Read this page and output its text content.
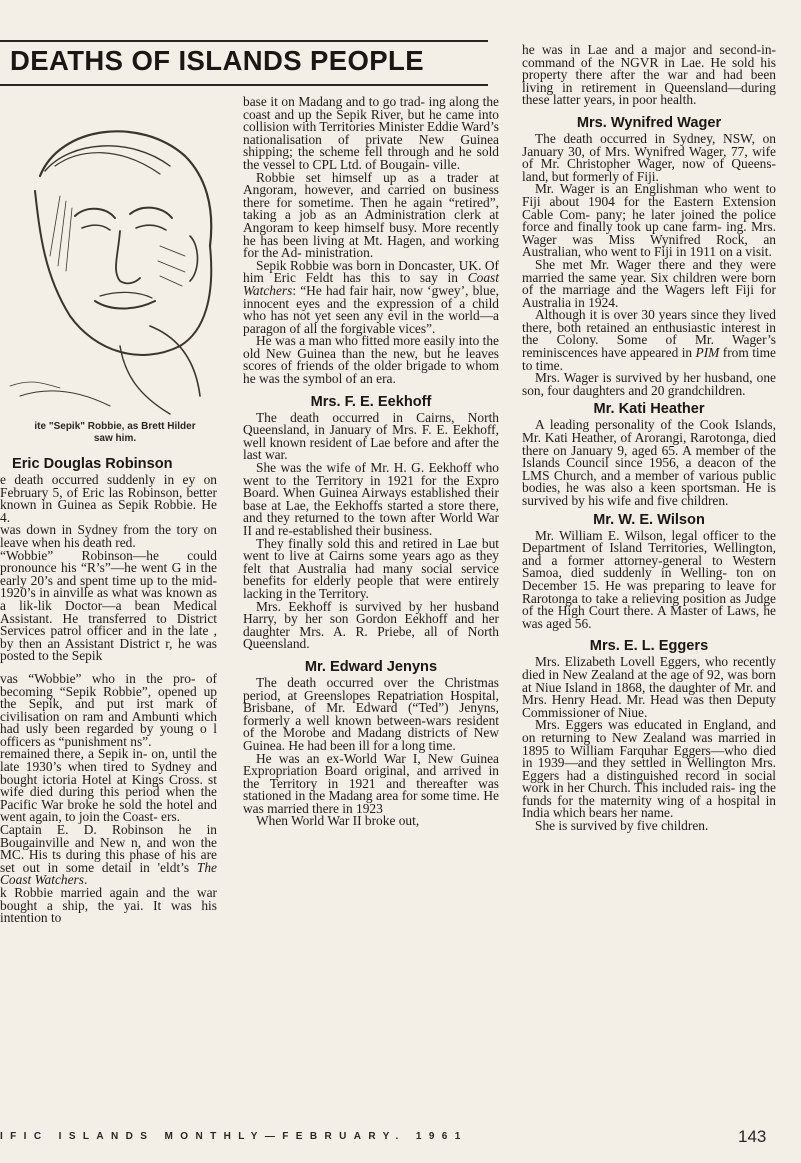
DEATHS OF ISLANDS PEOPLE
ite "Sepik" Robbie, as Brett Hilder
saw him.
Eric Douglas Robinson

e death occurred suddenly in ey on February 5, of Eric las Robinson, better known in Guinea as Sepik Robbie. He 4.

was down in Sydney from the tory on leave when his death red.

“Wobbie” Robinson—he could pronounce his “R’s”—he went G in the early 20’s and spent time up to the mid-1920’s in ainville as what was known as a lik-lik Doctor—a bean Medical Assistant. He transferred to District Services patrol officer and in the late , by then an Assistant District r, he was posted to the Sepik

vas “Wobbie” who in the pro- of becoming “Sepik Robbie”, opened up the Sepik, and put irst mark of civilisation on ram and Ambunti which had usly been regarded by young o l officers as “punishment ns”.

remained there, a Sepik in- on, until the late 1930’s when tired to Sydney and bought ictoria Hotel at Kings Cross. st wife died during this period when the Pacific War broke he sold the hotel and went again, to join the Coast- ers.

Captain E. D. Robinson he in Bougainville and New n, and won the MC. His ts during this phase of his are set out in some detail in 'eldt’s The Coast Watchers.

k Robbie married again and the war bought a ship, the yai. It was his intention to

base it on Madang and to go trad- ing along the coast and up the Sepik River, but he came into collision with Territories Minister Eddie Ward’s nationalisation of private New Guinea shipping; the scheme fell through and he sold the vessel to CPL Ltd. of Bougain- ville.

Robbie set himself up as a trader at Angoram, however, and carried on business there for sometime. Then he again “retired”, taking a job as an Administration clerk at Angoram to keep himself busy. More recently he has been living at Mt. Hagen, and working for the Ad- ministration.

Sepik Robbie was born in Doncaster, UK. Of him Eric Feldt has this to say in Coast Watchers: “He had fair hair, now ‘gwey’, blue, innocent eyes and the expression of a child who has not yet seen any evil in the world—a paragon of all the forgivable vices”.

He was a man who fitted more easily into the old New Guinea than the new, but he leaves scores of friends of the older brigade to whom he was the symbol of an era.

Mrs. F. E. Eekhoff

The death occurred in Cairns, North Queensland, in January of Mrs. F. E. Eekhoff, well known resident of Lae before and after the last war.

She was the wife of Mr. H. G. Eekhoff who went to the Territory in 1921 for the Expro Board. When Guinea Airways established their base at Lae, the Eekhoffs started a store there, and they returned to the town after World War II and re-established their business.

They finally sold this and retired in Lae but went to live at Cairns some years ago as they felt that Australia had many social service benefits for elderly people that were entirely lacking in the Territory.

Mrs. Eekhoff is survived by her husband Harry, by her son Gordon Eekhoff and her daughter Mrs. A. R. Priebe, all of North Queensland.

Mr. Edward Jenyns

The death occurred over the Christmas period, at Greenslopes Repatriation Hospital, Brisbane, of Mr. Edward (“Ted”) Jenyns, formerly a well known between-wars resident of the Morobe and Madang districts of New Guinea. He had been ill for a long time.

He was an ex-World War I, New Guinea Expropriation Board original, and arrived in the Territory in 1921 and thereafter was stationed in the Madang area for some time. He was married there in 1923

When World War II broke out,

he was in Lae and a major and second-in-command of the NGVR in Lae. He sold his property there after the war and had been living in retirement in Queensland—during these latter years, in poor health.

Mrs. Wynifred Wager

The death occurred in Sydney, NSW, on January 30, of Mrs. Wynifred Wager, 77, wife of Mr. Christopher Wager, now of Queens- land, but formerly of Fiji.

Mr. Wager is an Englishman who went to Fiji about 1904 for the Eastern Extension Cable Com- pany; he later joined the police force and finally took up cane farm- ing. Mrs. Wager was Miss Wynifred Rock, an Australian, who went to Fiji in 1911 on a visit.

She met Mr. Wager there and they were married the same year. Six children were born of the marriage and the Wagers left Fiji for Australia in 1924.

Although it is over 30 years since they lived there, both retained an enthusiastic interest in the Colony. Some of Mr. Wager’s reminiscences have appeared in PIM from time to time.

Mrs. Wager is survived by her husband, one son, four daughters and 20 grandchildren.

Mr. Kati Heather

A leading personality of the Cook Islands, Mr. Kati Heather, of Arorangi, Rarotonga, died there on January 9, aged 65. A member of the Islands Council since 1956, a deacon of the LMS Church, and a member of various public bodies, he was also a keen sportsman. He is survived by his wife and five children.

Mr. W. E. Wilson

Mr. William E. Wilson, legal officer to the Department of Island Territories, Wellington, and a former attorney-general to Western Samoa, died suddenly in Welling- ton on December 15. He was preparing to leave for Rarotonga to take a relieving position as Judge of the High Court there. A Master of Laws, he was aged 56.

Mrs. E. L. Eggers

Mrs. Elizabeth Lovell Eggers, who recently died in New Zealand at the age of 92, was born at Niue Island in 1868, the daughter of Mr. and Mrs. Henry Head. Mr. Head was then Deputy Commissioner of Niue.

Mrs. Eggers was educated in England, and on returning to New Zealand was married in 1895 to William Farquhar Eggers—who died in 1939—and they settled in Wellington Mrs. Eggers had a distinguished record in social work in her Church. This included rais- ing the funds for the maternity wing of a hospital in India which bears her name.

She is survived by five children.

IFIC ISLANDS MONTHLY—FEBRUARY. 1961	143
